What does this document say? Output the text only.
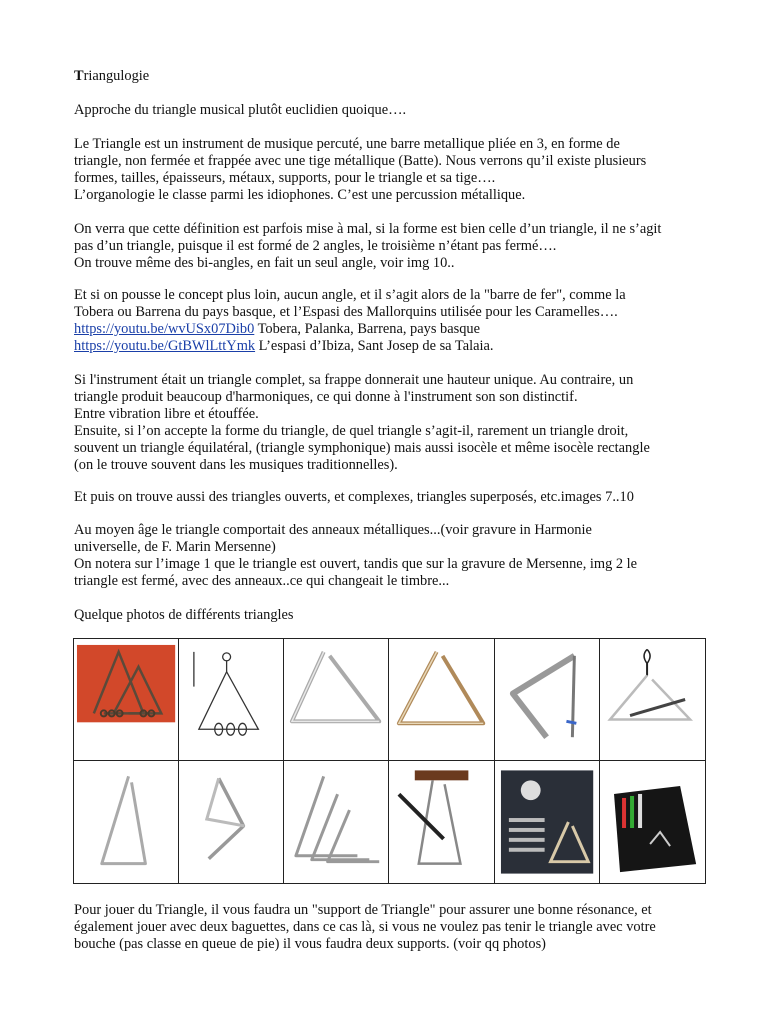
Triangulogie

Approche du triangle musical plutôt euclidien quoique….

Le Triangle est un instrument de musique percuté, une barre metallique pliée en 3, en forme de

triangle, non fermée et frappée avec une tige métallique (Batte). Nous verrons qu’il existe plusieurs

formes, tailles, épaisseurs, métaux, supports, pour le triangle et sa tige….

L’organologie le classe parmi les idiophones. C’est une percussion métallique.

On verra que cette définition est parfois mise à mal, si la forme est bien celle d’un triangle, il ne s’agit

pas d’un triangle, puisque il est formé de 2 angles, le troisième n’étant pas fermé….

On trouve même des bi-angles, en fait un seul angle, voir img 10..

Et si on pousse le concept plus loin, aucun angle, et il s’agit alors de la "barre de fer", comme la

Tobera ou Barrena du pays basque, et l’Espasi des Mallorquins utilisée pour les Caramelles….

https://youtu.be/wvUSx07Dib0 Tobera, Palanka, Barrena, pays basque

https://youtu.be/GtBWlLttYmk L’espasi d’Ibiza, Sant Josep de sa Talaia.

Si l'instrument était un triangle complet, sa frappe donnerait une hauteur unique. Au contraire, un

triangle produit beaucoup d'harmoniques, ce qui donne à l'instrument son son distinctif.

Entre vibration libre et étouffée.

Ensuite, si l’on accepte la forme du triangle, de quel triangle s’agit-il, rarement un triangle droit,

souvent un triangle équilatéral, (triangle symphonique) mais aussi isocèle et même isocèle rectangle

(on le trouve souvent dans les musiques traditionnelles).

Et puis on trouve aussi des triangles ouverts, et complexes, triangles superposés, etc.images 7..10

Au moyen âge le triangle comportait des anneaux métalliques...(voir gravure in Harmonie

universelle, de F. Marin Mersenne)

On notera sur l’image 1 que le triangle est ouvert, tandis que sur la gravure de Mersenne, img 2 le

triangle est fermé, avec des anneaux..ce qui changeait le timbre...

Quelque photos de différents triangles

Pour jouer du Triangle, il vous faudra un "support de Triangle" pour assurer une bonne résonance, et

également jouer avec deux baguettes, dans ce cas là, si vous ne voulez pas tenir le triangle avec votre

bouche (pas classe en queue de pie) il vous faudra deux supports. (voir qq photos)
